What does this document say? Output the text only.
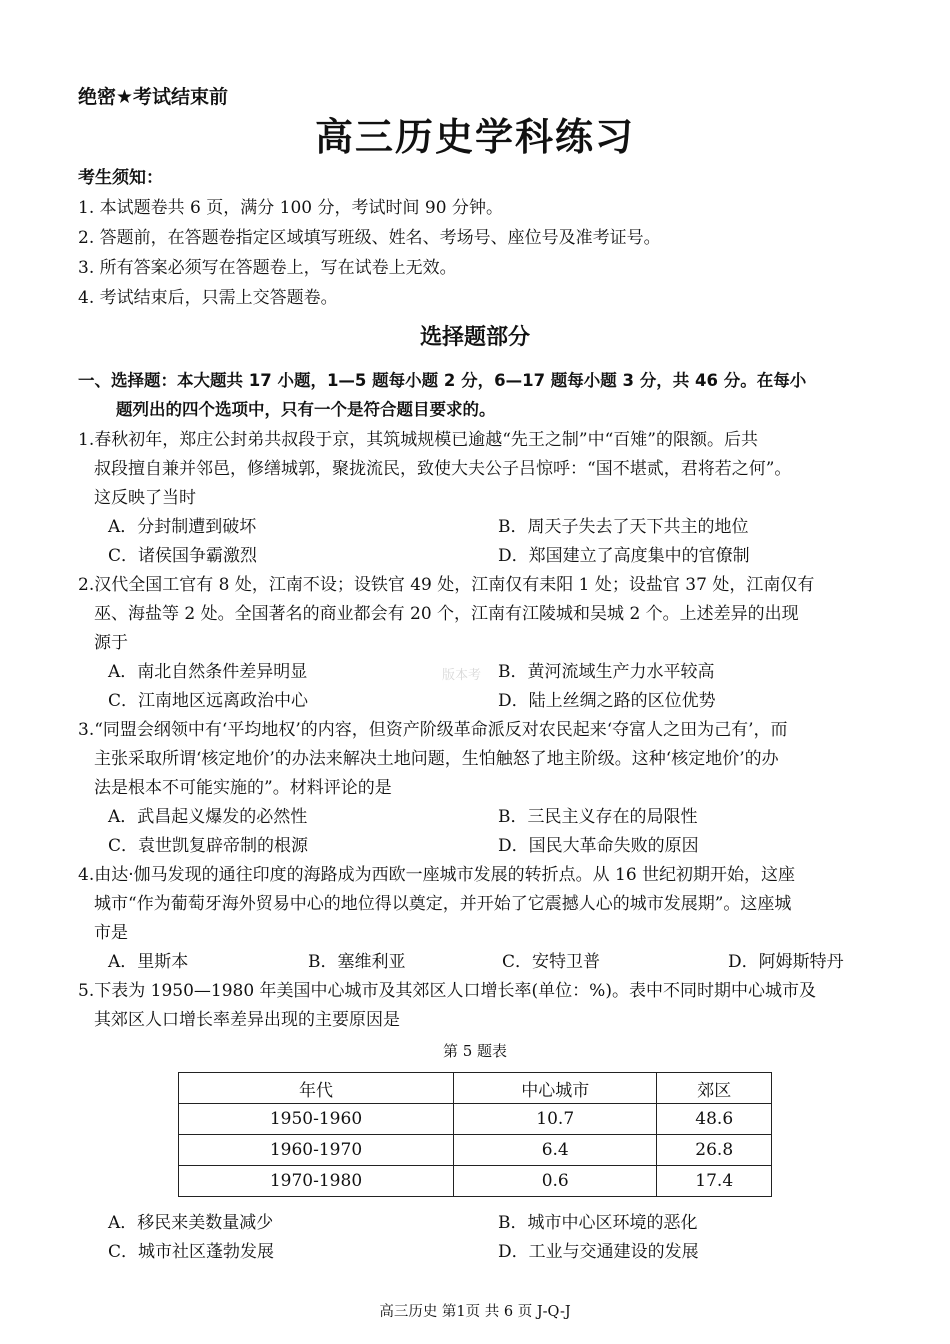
绝密★考试结束前
高三历史学科练习
考生须知：
1. 本试题卷共 6 页，满分 100 分，考试时间 90 分钟。
2. 答题前，在答题卷指定区域填写班级、姓名、考场号、座位号及准考证号。
3. 所有答案必须写在答题卷上，写在试卷上无效。
4. 考试结束后，只需上交答题卷。
选择题部分
一、选择题：本大题共 17 小题，1—5 题每小题 2 分，6—17 题每小题 3 分，共 46 分。在每小
题列出的四个选项中，只有一个是符合题目要求的。
1.春秋初年，郑庄公封弟共叔段于京，其筑城规模已逾越“先王之制”中“百雉”的限额。后共
叔段擅自兼并邻邑，修缮城郭，聚拢流民，致使大夫公子吕惊呼：“国不堪贰，君将若之何”。
这反映了当时
A．分封制遭到破坏	B．周天子失去了天下共主的地位
C．诸侯国争霸激烈	D．郑国建立了高度集中的官僚制
2.汉代全国工官有 8 处，江南不设；设铁官 49 处，江南仅有耒阳 1 处；设盐官 37 处，江南仅有
巫、海盐等 2 处。全国著名的商业都会有 20 个，江南有江陵城和吴城 2 个。上述差异的出现
源于
版本考
A．南北自然条件差异明显	B．黄河流域生产力水平较高
C．江南地区远离政治中心	D．陆上丝绸之路的区位优势
3.“同盟会纲领中有‘平均地权’的内容，但资产阶级革命派反对农民起来‘夺富人之田为己有’，而
主张采取所谓‘核定地价’的办法来解决土地问题，生怕触怒了地主阶级。这种‘核定地价’的办
法是根本不可能实施的”。材料评论的是
A．武昌起义爆发的必然性	B．三民主义存在的局限性
C．袁世凯复辟帝制的根源	D．国民大革命失败的原因
4.由达·伽马发现的通往印度的海路成为西欧一座城市发展的转折点。从 16 世纪初期开始，这座
城市“作为葡萄牙海外贸易中心的地位得以奠定，并开始了它震撼人心的城市发展期”。这座城
市是
A．里斯本	B．塞维利亚	C．安特卫普	D．阿姆斯特丹
5.下表为 1950—1980 年美国中心城市及其郊区人口增长率(单位：%)。表中不同时期中心城市及
其郊区人口增长率差异出现的主要原因是
第 5 题表
年代	中心城市	郊区
1950-1960	10.7	48.6
1960-1970	6.4	26.8
1970-1980	0.6	17.4
A．移民来美数量减少	B．城市中心区环境的恶化
C．城市社区蓬勃发展	D．工业与交通建设的发展
高三历史 第1页 共 6 页 J-Q-J
